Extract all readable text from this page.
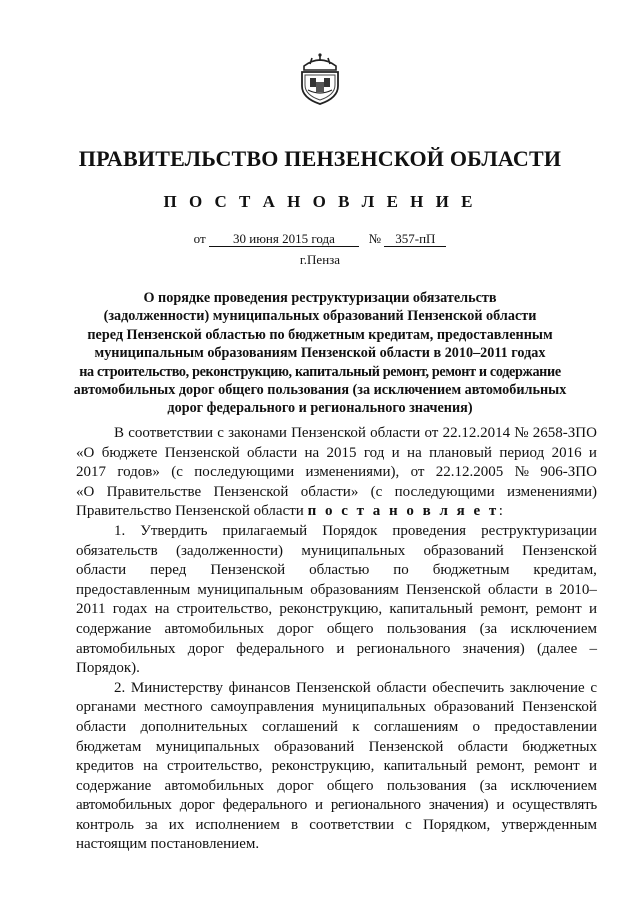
ПРАВИТЕЛЬСТВО ПЕНЗЕНСКОЙ ОБЛАСТИ
П О С Т А Н О В Л Е Н И Е
от 30 июня 2015 года	№ 357-пП
г.Пенза
О порядке проведения реструктуризации обязательств
(задолженности) муниципальных образований Пензенской области
перед Пензенской областью по бюджетным кредитам, предоставленным
муниципальным образованиям Пензенской области в 2010–2011 годах
на строительство, реконструкцию, капитальный ремонт, ремонт и содержание
автомобильных дорог общего пользования (за исключением автомобильных
дорог федерального и регионального значения)
В соответствии с законами Пензенской области от 22.12.2014 № 2658-ЗПО
«О бюджете Пензенской области на 2015 год и на плановый период 2016 и
2017 годов» (с последующими изменениями), от 22.12.2005 № 906-ЗПО
«О Правительстве Пензенской области» (с последующими изменениями)
Правительство Пензенской области п о с т а н о в л я е т:
1. Утвердить прилагаемый Порядок проведения реструктуризации
обязательств (задолженности) муниципальных образований Пензенской
области перед Пензенской областью по бюджетным кредитам,
предоставленным муниципальным образованиям Пензенской области в 2010–
2011 годах на строительство, реконструкцию, капитальный ремонт, ремонт и
содержание автомобильных дорог общего пользования (за исключением
автомобильных дорог федерального и регионального значения) (далее –
Порядок).
2. Министерству финансов Пензенской области обеспечить заключение с
органами местного самоуправления муниципальных образований Пензенской
области дополнительных соглашений к соглашениям о предоставлении
бюджетам муниципальных образований Пензенской области бюджетных
кредитов на строительство, реконструкцию, капитальный ремонт, ремонт и
содержание автомобильных дорог общего пользования (за исключением
автомобильных дорог федерального и регионального значения) и осуществлять
контроль за их исполнением в соответствии с Порядком, утвержденным
настоящим постановлением.
